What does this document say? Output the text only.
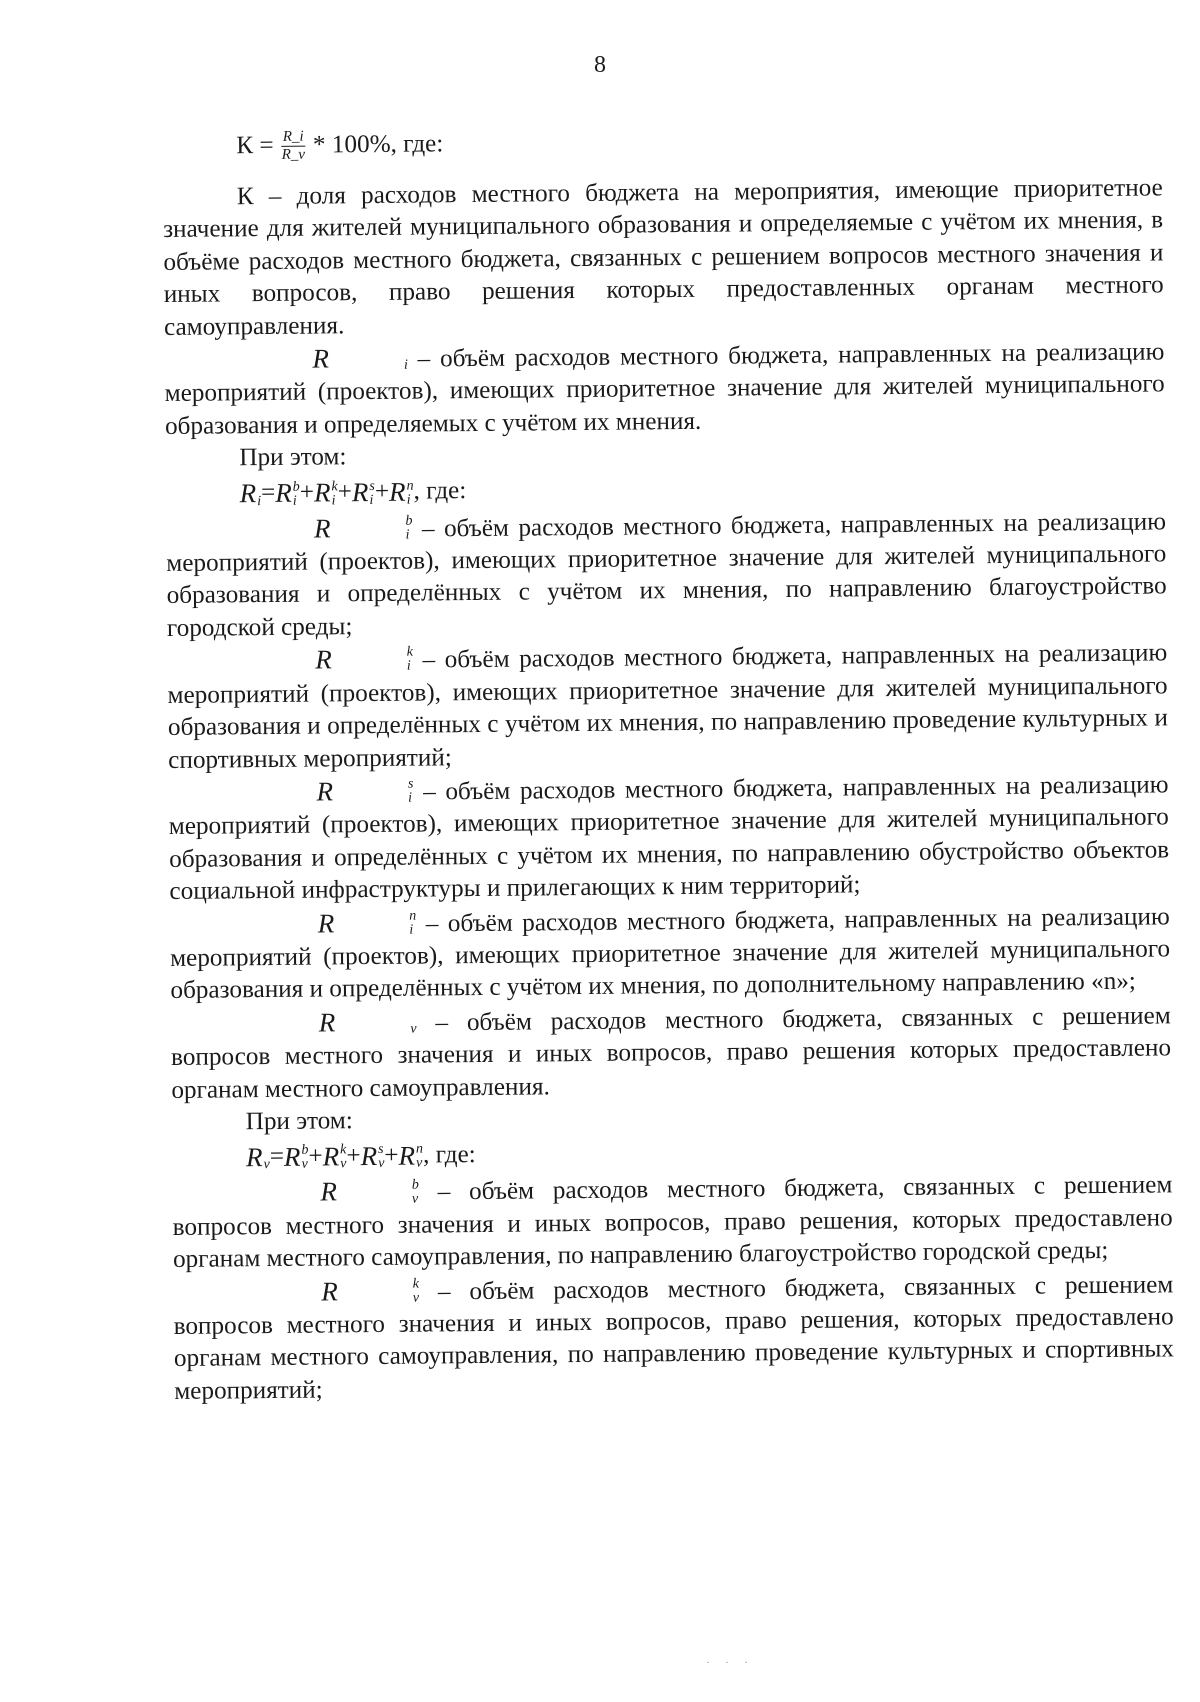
8
$К = \frac{R\_i}{R\_v} * 100\%$, где:

К – доля расходов местного бюджета на мероприятия, имеющие приоритетное значение для жителей муниципального образования и определяемые с учётом их мнения, в объёме расходов местного бюджета, связанных с решением вопросов местного значения и иных вопросов, право решения которых предоставленных органам местного самоуправления.

R
	i – объём расходов местного бюджета, направленных на реализацию мероприятий (проектов), имеющих приоритетное значение для жителей муниципального образования и определяемых с учётом их мнения.

При этом:

R
i = R b
i + R k
i + R s
i + R n
i , где:

R	b
i – объём расходов местного бюджета, направленных на реализацию мероприятий (проектов), имеющих приоритетное значение для жителей муниципального образования и определённых с учётом их мнения, по направлению благоустройство городской среды;

R	k
i – объём расходов местного бюджета, направленных на реализацию мероприятий (проектов), имеющих приоритетное значение для жителей муниципального образования и определённых с учётом их мнения, по направлению проведение культурных и спортивных мероприятий;

R	s
i – объём расходов местного бюджета, направленных на реализацию мероприятий (проектов), имеющих приоритетное значение для жителей муниципального образования и определённых с учётом их мнения, по направлению обустройство объектов социальной инфраструктуры и прилегающих к ним территорий;

R	n
i – объём расходов местного бюджета, направленных на реализацию мероприятий (проектов), имеющих приоритетное значение для жителей муниципального образования и определённых с учётом их мнения, по дополнительному направлению «n»;

R
	v – объём расходов местного бюджета, связанных с решением вопросов местного значения и иных вопросов, право решения которых предоставлено органам местного самоуправления.

При этом:

R
v = R b
v + R k
v + R s
v + R n
v , где:

R	b
v – объём расходов местного бюджета, связанных с решением вопросов местного значения и иных вопросов, право решения, которых предоставлено органам местного самоуправления, по направлению благоустройство городской среды;

R	k
v – объём расходов местного бюджета, связанных с решением вопросов местного значения и иных вопросов, право решения, которых предоставлено органам местного самоуправления, по направлению проведение культурных и спортивных мероприятий;

· · ·
